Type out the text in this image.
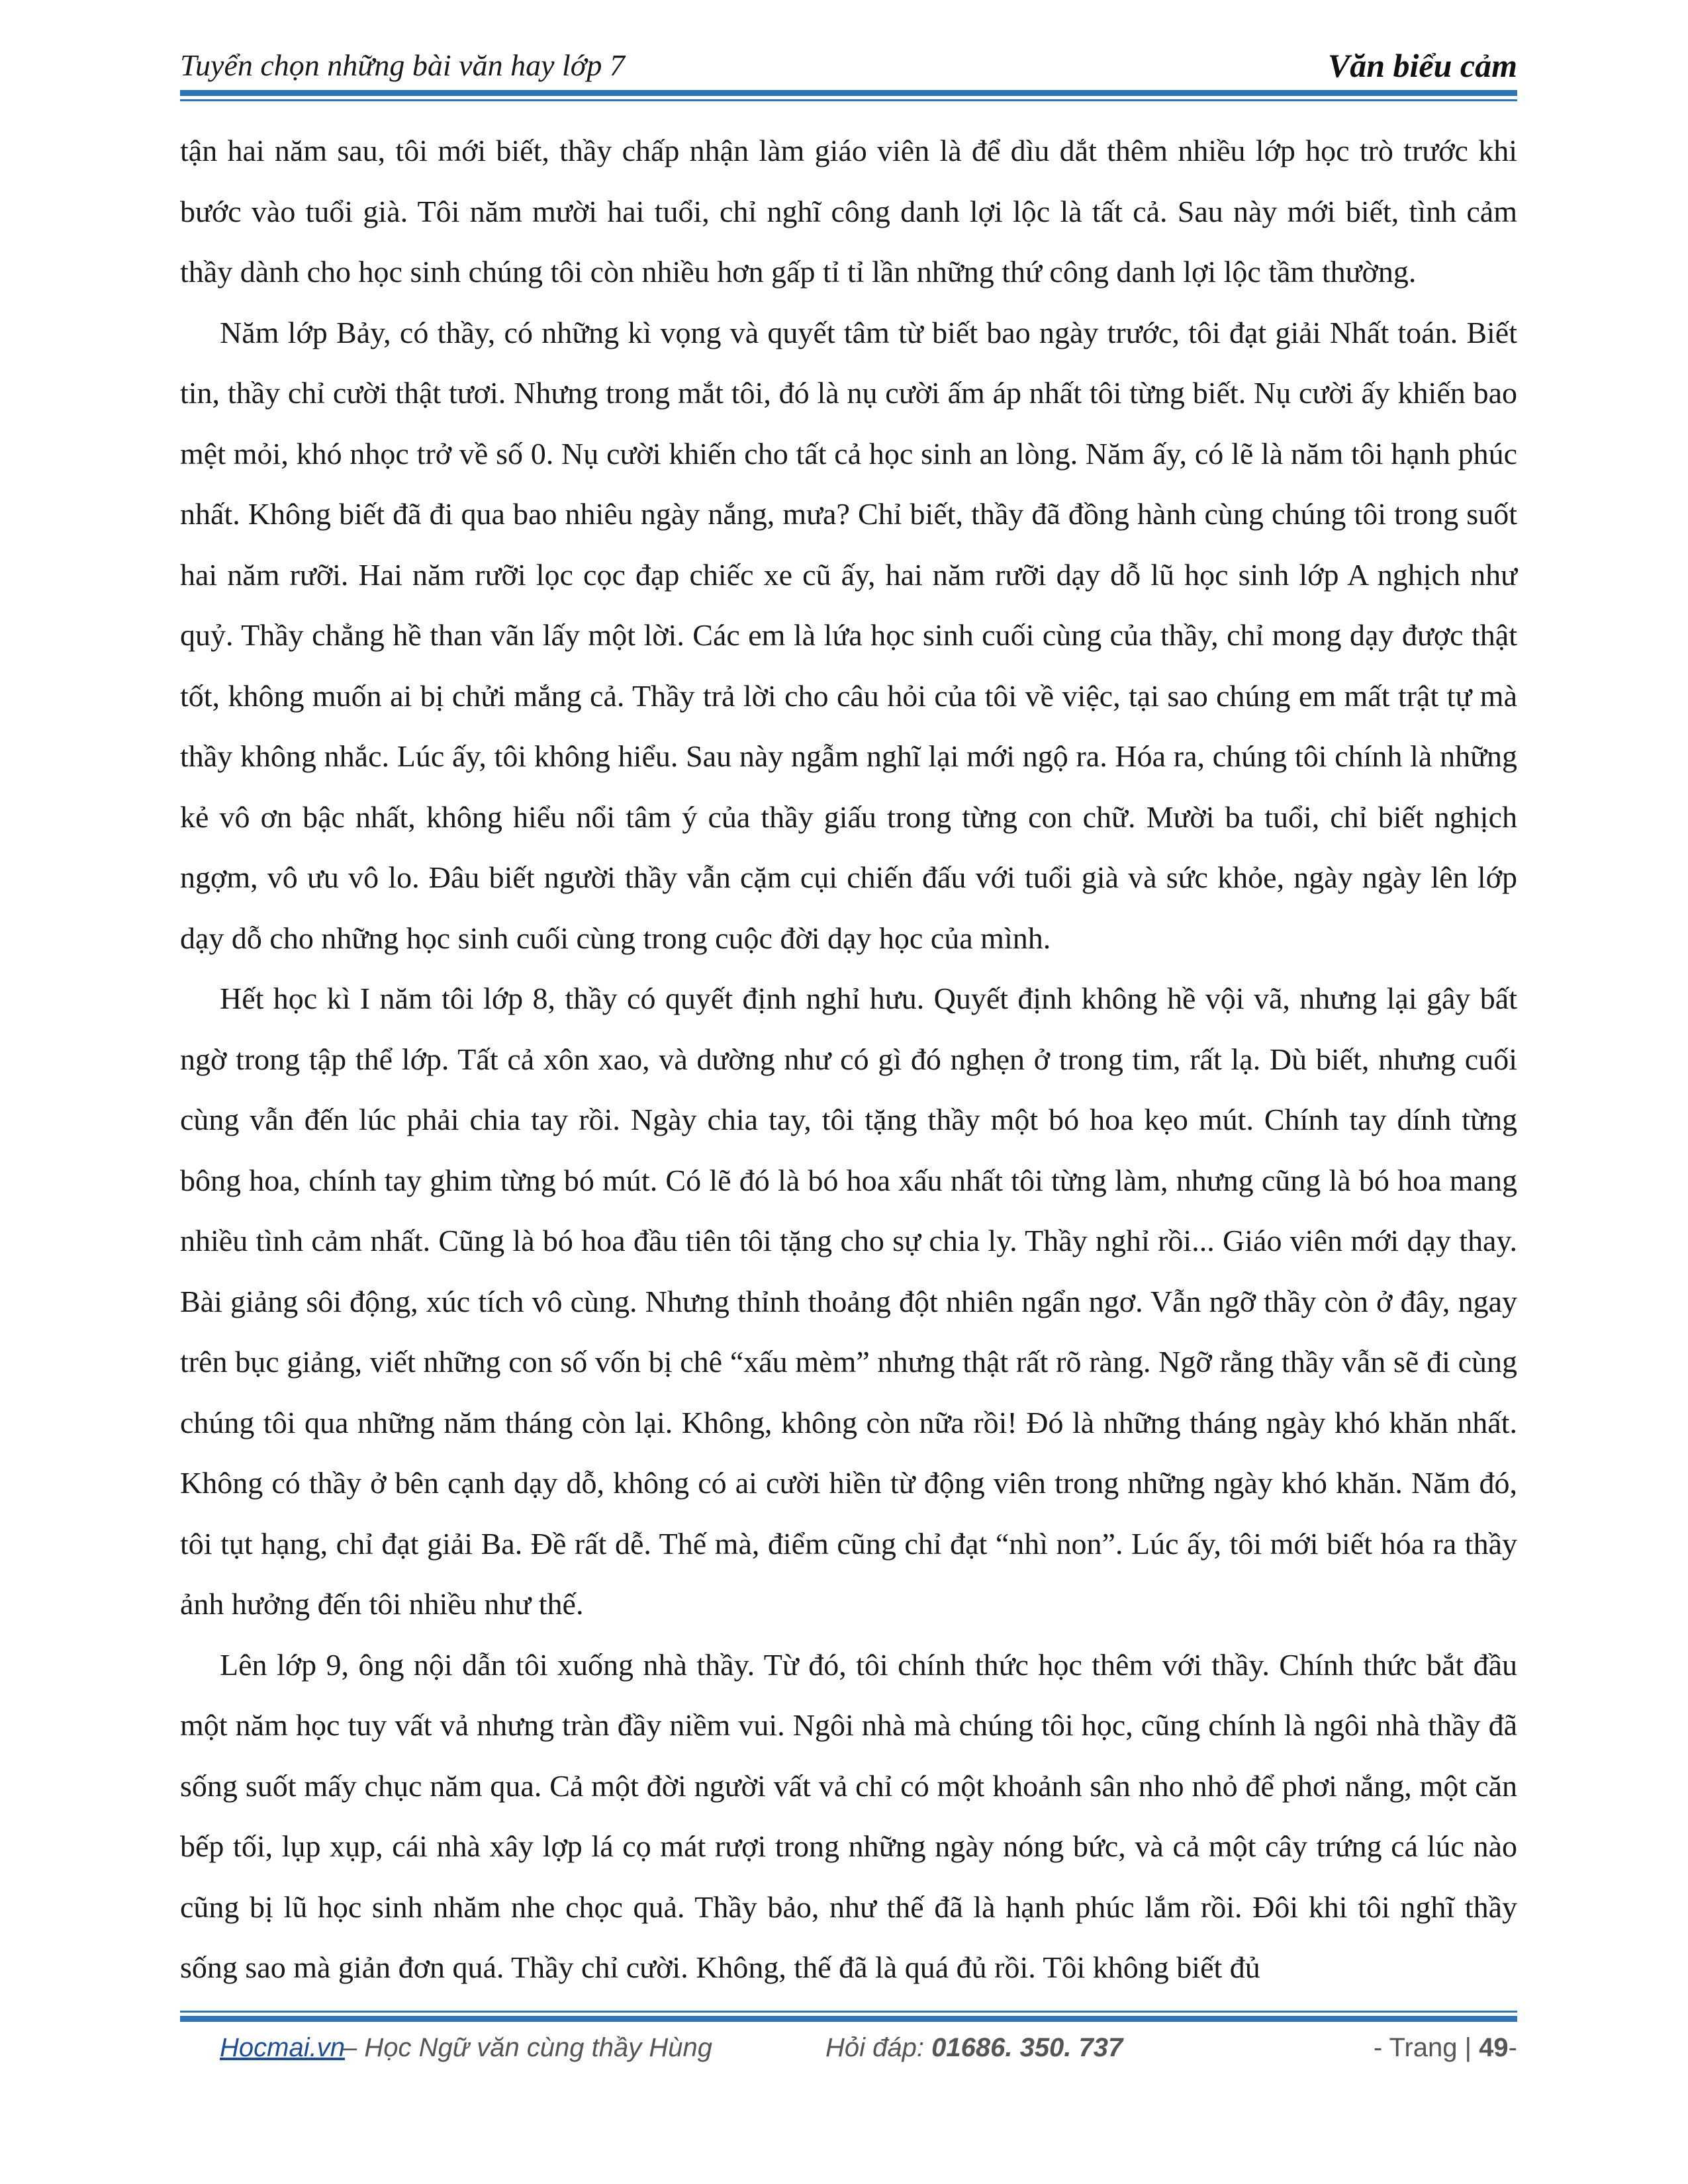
Tuyển chọn những bài văn hay lớp 7	Văn biểu cảm

tận hai năm sau, tôi mới biết, thầy chấp nhận làm giáo viên là để dìu dắt thêm nhiều lớp học trò trước khi bước vào tuổi già. Tôi năm mười hai tuổi, chỉ nghĩ công danh lợi lộc là tất cả. Sau này mới biết, tình cảm thầy dành cho học sinh chúng tôi còn nhiều hơn gấp tỉ tỉ lần những thứ công danh lợi lộc tầm thường.

Năm lớp Bảy, có thầy, có những kì vọng và quyết tâm từ biết bao ngày trước, tôi đạt giải Nhất toán. Biết tin, thầy chỉ cười thật tươi. Nhưng trong mắt tôi, đó là nụ cười ấm áp nhất tôi từng biết. Nụ cười ấy khiến bao mệt mỏi, khó nhọc trở về số 0. Nụ cười khiến cho tất cả học sinh an lòng. Năm ấy, có lẽ là năm tôi hạnh phúc nhất. Không biết đã đi qua bao nhiêu ngày nắng, mưa? Chỉ biết, thầy đã đồng hành cùng chúng tôi trong suốt hai năm rưỡi. Hai năm rưỡi lọc cọc đạp chiếc xe cũ ấy, hai năm rưỡi dạy dỗ lũ học sinh lớp A nghịch như quỷ. Thầy chẳng hề than vãn lấy một lời. Các em là lứa học sinh cuối cùng của thầy, chỉ mong dạy được thật tốt, không muốn ai bị chửi mắng cả. Thầy trả lời cho câu hỏi của tôi về việc, tại sao chúng em mất trật tự mà thầy không nhắc. Lúc ấy, tôi không hiểu. Sau này ngẫm nghĩ lại mới ngộ ra. Hóa ra, chúng tôi chính là những kẻ vô ơn bậc nhất, không hiểu nổi tâm ý của thầy giấu trong từng con chữ. Mười ba tuổi, chỉ biết nghịch ngợm, vô ưu vô lo. Đâu biết người thầy vẫn cặm cụi chiến đấu với tuổi già và sức khỏe, ngày ngày lên lớp dạy dỗ cho những học sinh cuối cùng trong cuộc đời dạy học của mình.

Hết học kì I năm tôi lớp 8, thầy có quyết định nghỉ hưu. Quyết định không hề vội vã, nhưng lại gây bất ngờ trong tập thể lớp. Tất cả xôn xao, và dường như có gì đó nghẹn ở trong tim, rất lạ. Dù biết, nhưng cuối cùng vẫn đến lúc phải chia tay rồi. Ngày chia tay, tôi tặng thầy một bó hoa kẹo mút. Chính tay dính từng bông hoa, chính tay ghim từng bó mút. Có lẽ đó là bó hoa xấu nhất tôi từng làm, nhưng cũng là bó hoa mang nhiều tình cảm nhất. Cũng là bó hoa đầu tiên tôi tặng cho sự chia ly. Thầy nghỉ rồi... Giáo viên mới dạy thay. Bài giảng sôi động, xúc tích vô cùng. Nhưng thỉnh thoảng đột nhiên ngẩn ngơ. Vẫn ngỡ thầy còn ở đây, ngay trên bục giảng, viết những con số vốn bị chê “xấu mèm” nhưng thật rất rõ ràng. Ngỡ rằng thầy vẫn sẽ đi cùng chúng tôi qua những năm tháng còn lại. Không, không còn nữa rồi! Đó là những tháng ngày khó khăn nhất. Không có thầy ở bên cạnh dạy dỗ, không có ai cười hiền từ động viên trong những ngày khó khăn. Năm đó, tôi tụt hạng, chỉ đạt giải Ba. Đề rất dễ. Thế mà, điểm cũng chỉ đạt “nhì non”. Lúc ấy, tôi mới biết hóa ra thầy ảnh hưởng đến tôi nhiều như thế.

Lên lớp 9, ông nội dẫn tôi xuống nhà thầy. Từ đó, tôi chính thức học thêm với thầy. Chính thức bắt đầu một năm học tuy vất vả nhưng tràn đầy niềm vui. Ngôi nhà mà chúng tôi học, cũng chính là ngôi nhà thầy đã sống suốt mấy chục năm qua. Cả một đời người vất vả chỉ có một khoảnh sân nho nhỏ để phơi nắng, một căn bếp tối, lụp xụp, cái nhà xây lợp lá cọ mát rượi trong những ngày nóng bức, và cả một cây trứng cá lúc nào cũng bị lũ học sinh nhăm nhe chọc quả. Thầy bảo, như thế đã là hạnh phúc lắm rồi. Đôi khi tôi nghĩ thầy sống sao mà giản đơn quá. Thầy chỉ cười. Không, thế đã là quá đủ rồi. Tôi không biết đủ

Hocmai.vn
– Học Ngữ văn cùng thầy Hùng	Hỏi đáp: 01686. 350. 737	- Trang | 49-
